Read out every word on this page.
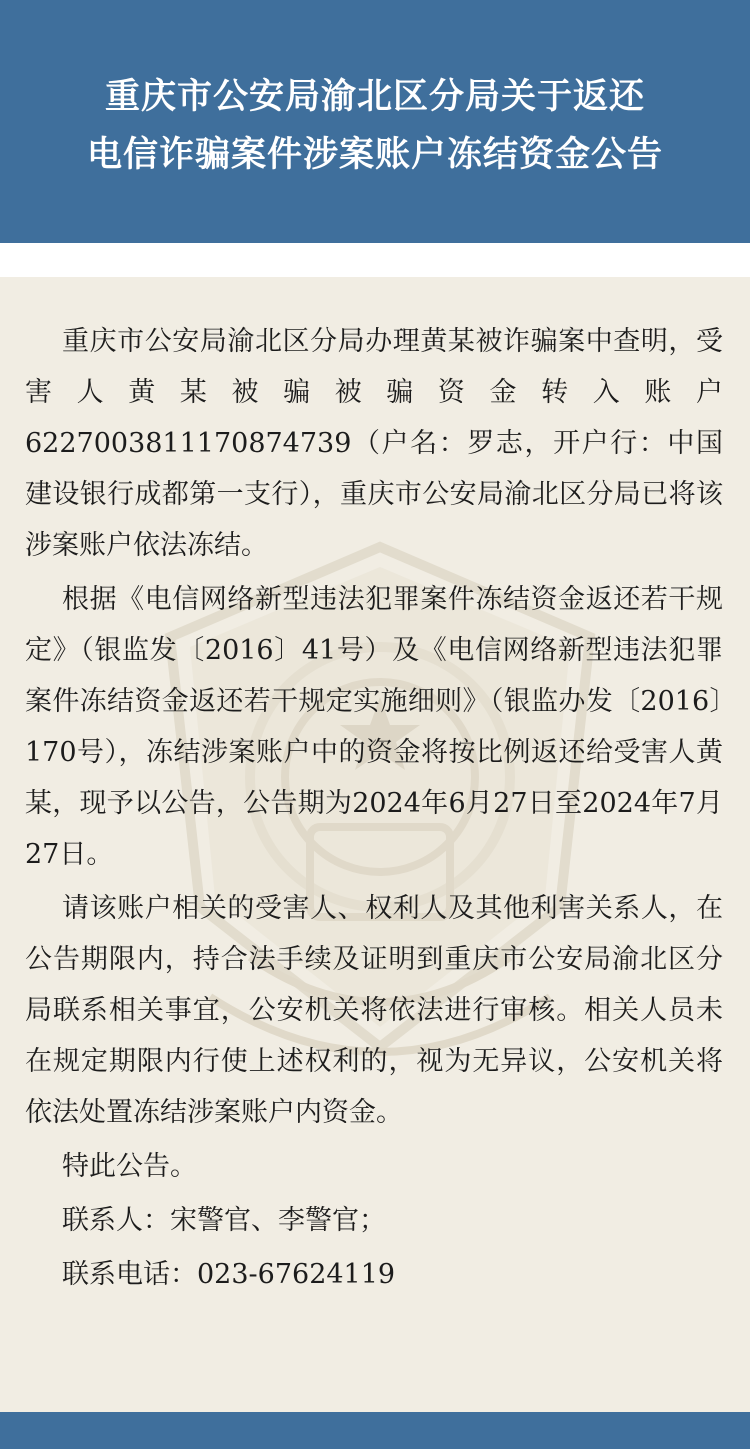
重庆市公安局渝北区分局关于返还
电信诈骗案件涉案账户冻结资金公告

重庆市公安局渝北区分局办理黄某被诈骗案中查明，受害人黄某被骗被骗资金转入账户6227003811170874739（户名：罗志，开户行：中国建设银行成都第一支行），重庆市公安局渝北区分局已将该涉案账户依法冻结。

根据《电信网络新型违法犯罪案件冻结资金返还若干规定》（银监发〔2016〕41号）及《电信网络新型违法犯罪案件冻结资金返还若干规定实施细则》（银监办发〔2016〕170号），冻结涉案账户中的资金将按比例返还给受害人黄某，现予以公告，公告期为2024年6月27日至2024年7月27日。

请该账户相关的受害人、权利人及其他利害关系人，在公告期限内，持合法手续及证明到重庆市公安局渝北区分局联系相关事宜，公安机关将依法进行审核。相关人员未在规定期限内行使上述权利的，视为无异议，公安机关将依法处置冻结涉案账户内资金。

特此公告。

联系人：宋警官、李警官；

联系电话：023-67624119
